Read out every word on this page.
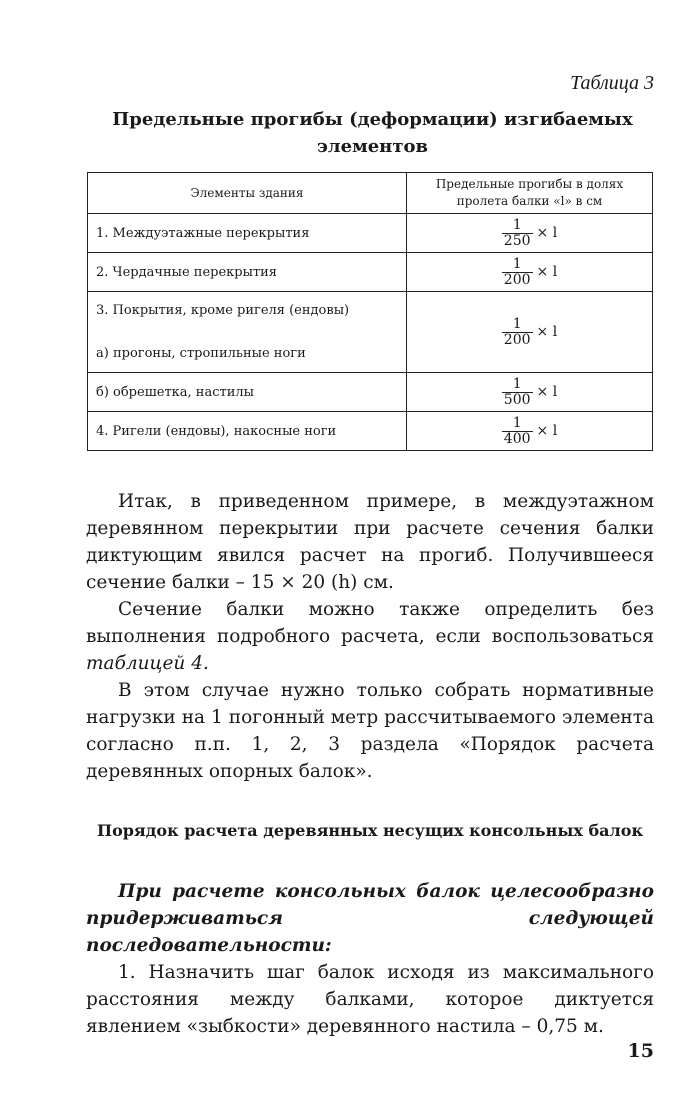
Таблица 3
Предельные прогибы (деформации) изгибаемых элементов
Элементы здания	Предельные прогибы в долях пролета балки «l» в см
1. Междуэтажные перекрытия	$\frac{1}{250} \times l$
2. Чердачные перекрытия	$\frac{1}{200} \times l$

3. Покрытия, кроме ригеля (ендовы)
а) прогоны, стропильные ноги	$\frac{1}{200} \times l$
б) обрешетка, настилы	$\frac{1}{500} \times l$
4. Ригели (ендовы), накосные ноги	$\frac{1}{400} \times l$

Итак, в приведенном примере, в междуэтажном деревянном перекрытии при расчете сечения балки диктующим явился расчет на прогиб. Получившееся сечение балки – 15 × 20 (h) см.

Сечение балки можно также определить без выполнения подробного расчета, если воспользоваться таблицей 4.

В этом случае нужно только собрать нормативные нагрузки на 1 погонный метр рассчитываемого элемента согласно п.п. 1, 2, 3 раздела «Порядок расчета деревянных опорных балок».

Порядок расчета деревянных несущих консольных балок

При расчете консольных балок целесообразно придерживаться следующей последовательности:

1. Назначить шаг балок исходя из максимального расстояния между балками, которое диктуется явлением «зыбкости» деревянного настила – 0,75 м.

15
